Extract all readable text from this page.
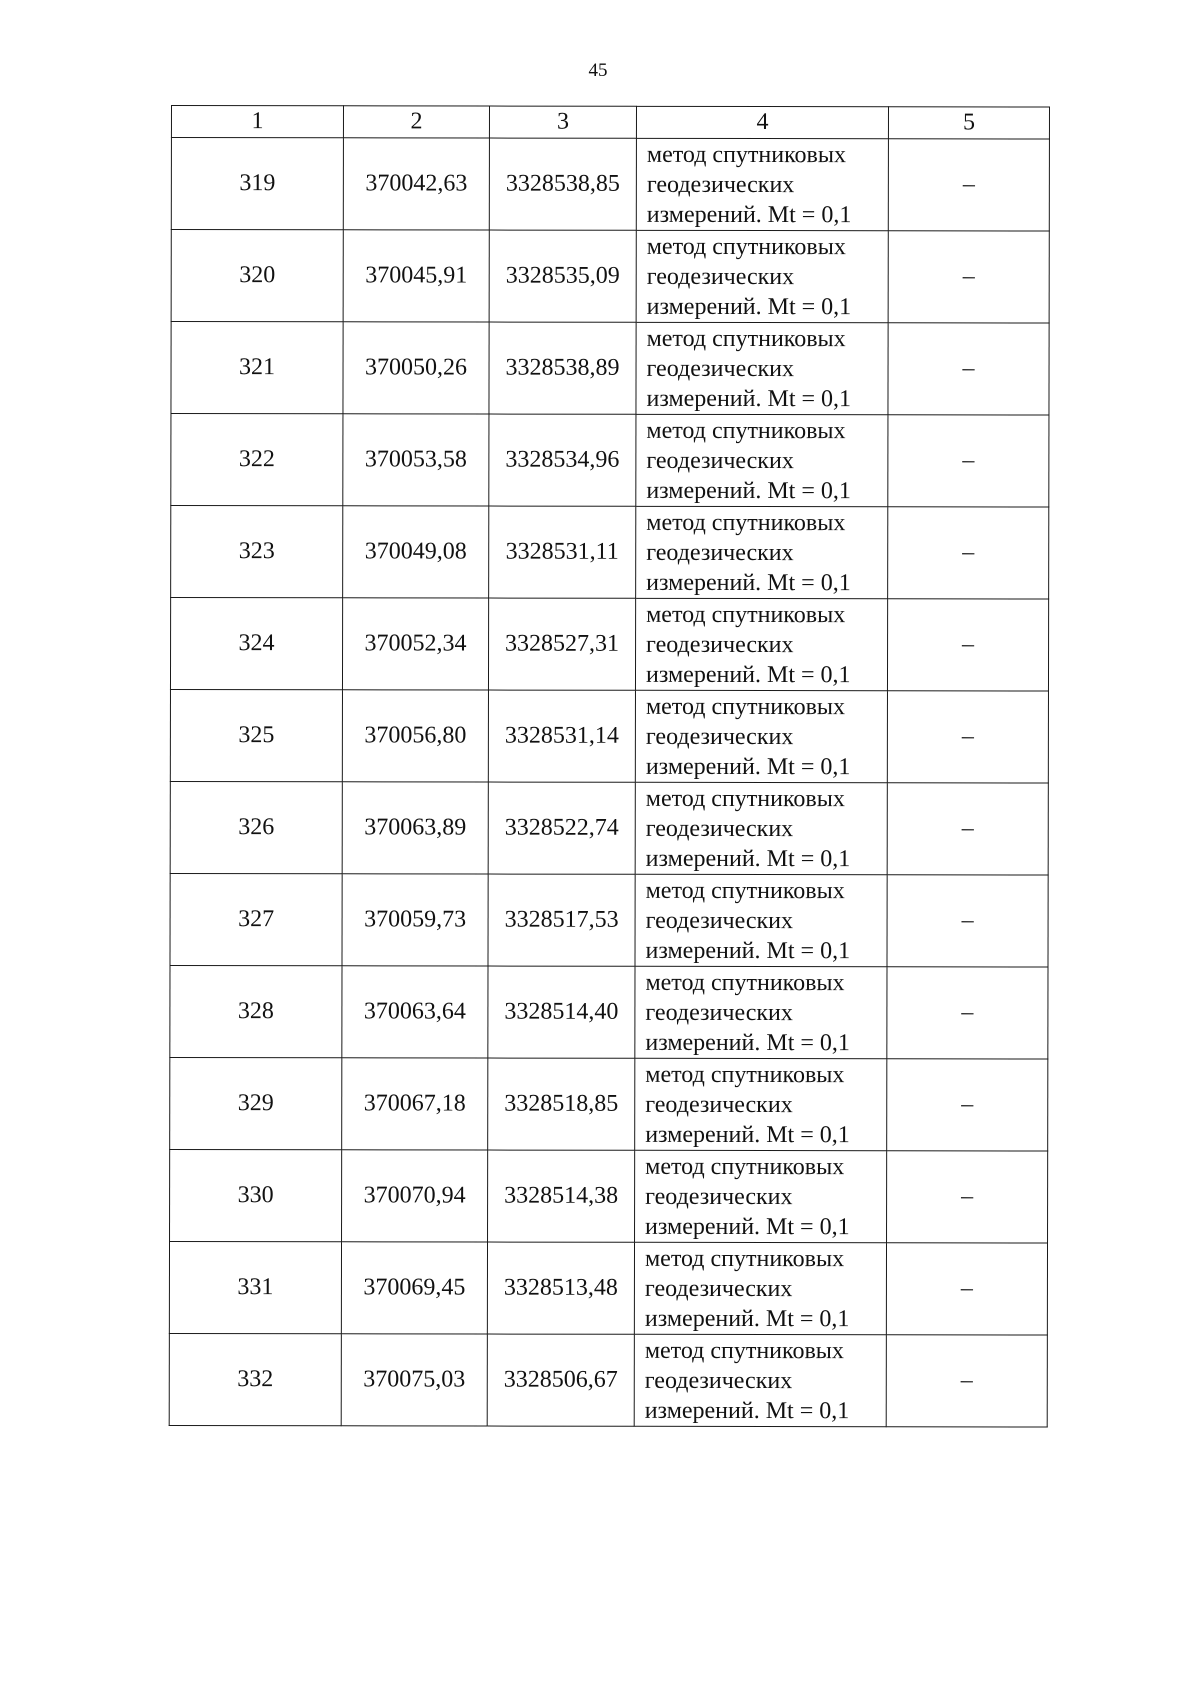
45
1	2	3	4	5
319	370042,63	3328538,85	метод спутниковых
геодезических
измерений. Mt = 0,1	–
320	370045,91	3328535,09	метод спутниковых
геодезических
измерений. Mt = 0,1	–
321	370050,26	3328538,89	метод спутниковых
геодезических
измерений. Mt = 0,1	–
322	370053,58	3328534,96	метод спутниковых
геодезических
измерений. Mt = 0,1	–
323	370049,08	3328531,11	метод спутниковых
геодезических
измерений. Mt = 0,1	–
324	370052,34	3328527,31	метод спутниковых
геодезических
измерений. Mt = 0,1	–
325	370056,80	3328531,14	метод спутниковых
геодезических
измерений. Mt = 0,1	–
326	370063,89	3328522,74	метод спутниковых
геодезических
измерений. Mt = 0,1	–
327	370059,73	3328517,53	метод спутниковых
геодезических
измерений. Mt = 0,1	–
328	370063,64	3328514,40	метод спутниковых
геодезических
измерений. Mt = 0,1	–
329	370067,18	3328518,85	метод спутниковых
геодезических
измерений. Mt = 0,1	–
330	370070,94	3328514,38	метод спутниковых
геодезических
измерений. Mt = 0,1	–
331	370069,45	3328513,48	метод спутниковых
геодезических
измерений. Mt = 0,1	–
332	370075,03	3328506,67	метод спутниковых
геодезических
измерений. Mt = 0,1	–
